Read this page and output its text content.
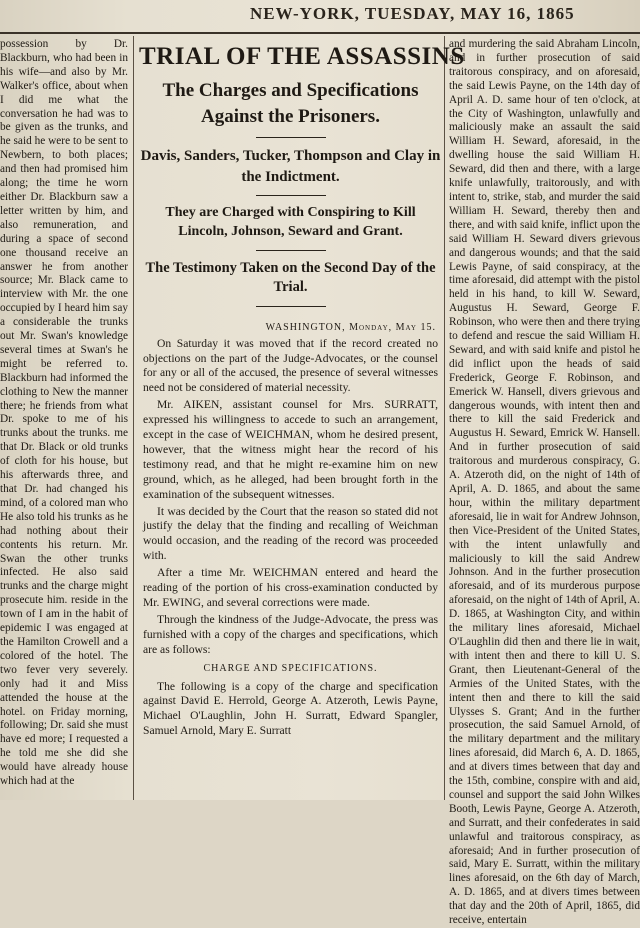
NEW-YORK, TUESDAY, MAY 16, 1865

possession by Dr. Blackburn, who had been in his wife—and also by Mr. Walker's office, about when I did me what the conversation he had was to be given as the trunks, and he said he were to be sent to Newbern, to both places; and then had promised him along; the time he worn either Dr. Blackburn saw a letter written by him, and also remuneration, and during a space of second one thousand receive an answer he from another source; Mr. Black came to interview with Mr. the one occupied by I heard him say a considerable the trunks out Mr. Swan's knowledge several times at Swan's he might be referred to. Blackburn had informed the clothing to New the manner there; he friends from what Dr. spoke to me of his trunks about the trunks. me that Dr. Black or old trunks of cloth for his house, but his afterwards three, and that Dr. had changed his mind, of a colored man who He also told his trunks as he had nothing about their contents his return. Mr. Swan the other trunks infected. He also said trunks and the charge might prosecute him. reside in the town of I am in the habit of epidemic I was engaged at the Hamilton Crowell and a colored of the hotel. The two fever very severely. only had it and Miss attended the house at the hotel. on Friday morning, following; Dr. said she must have ed more; I requested a he told me she did she would have already house which had at the

TRIAL OF THE ASSASSINS
The Charges and Specifications Against the Prisoners.
Davis, Sanders, Tucker, Thompson and Clay in the Indictment.
They are Charged with Conspiring to Kill Lincoln, Johnson, Seward and Grant.
The Testimony Taken on the Second Day of the Trial.
WASHINGTON, Monday, May 15.

On Saturday it was moved that if the record created no objections on the part of the Judge-Advocates, or the counsel for any or all of the accused, the presence of several witnesses need not be considered of material necessity.

Mr. AIKEN, assistant counsel for Mrs. SURRATT, expressed his willingness to accede to such an arrangement, except in the case of WEICHMAN, whom he desired present, however, that the witness might hear the record of his testimony read, and that he might re-examine him on new ground, which, as he alleged, had been brought forth in the examination of the subsequent witnesses.

It was decided by the Court that the reason so stated did not justify the delay that the finding and recalling of Weichman would occasion, and the reading of the record was proceeded with.

After a time Mr. WEICHMAN entered and heard the reading of the portion of his cross-examination conducted by Mr. EWING, and several corrections were made.

Through the kindness of the Judge-Advocate, the press was furnished with a copy of the charges and specifications, which are as follows:

CHARGE AND SPECIFICATIONS.

The following is a copy of the charge and specification against David E. Herrold, George A. Atzeroth, Lewis Payne, Michael O'Laughlin, John H. Surratt, Edward Spangler, Samuel Arnold, Mary E. Surratt

and murdering the said Abraham Lincoln, and in further prosecution of said traitorous conspiracy, and on aforesaid, the said Lewis Payne, on the 14th day of April A. D. same hour of ten o'clock, at the City of Washington, unlawfully and maliciously make an assault the said William H. Seward, aforesaid, in the dwelling house the said William H. Seward, did then and there, with a large knife unlawfully, traitorously, and with intent to, strike, stab, and murder the said William H. Seward, thereby then and there, and with said knife, inflict upon the said William H. Seward divers grievous and dangerous wounds; and that the said Lewis Payne, of said conspiracy, at the time aforesaid, did attempt with the pistol held in his hand, to kill W. Seward, Augustus H. Seward, George F. Robinson, who were then and there trying to defend and rescue the said William H. Seward, and with said knife and pistol he did inflict upon the heads of said Frederick, George F. Robinson, and Emerick W. Hansell, divers grievous and dangerous wounds, with intent then and there to kill the said Frederick and Augustus H. Seward, Emrick W. Hansell. And in further prosecution of said traitorous and murderous conspiracy, G. A. Atzeroth did, on the night of 14th of April, A. D. 1865, and about the same hour, within the military department aforesaid, lie in wait for Andrew Johnson, then Vice-President of the United States, with the intent unlawfully and maliciously to kill the said Andrew Johnson. And in the further prosecution aforesaid, and of its murderous purpose aforesaid, on the night of 14th of April, A. D. 1865, at Washington City, and within the military lines aforesaid, Michael O'Laughlin did then and there lie in wait, with intent then and there to kill U. S. Grant, then Lieutenant-General of the Armies of the United States, with the intent then and there to kill the said Ulysses S. Grant; And in the further prosecution, the said Samuel Arnold, of the military department and the military lines aforesaid, did March 6, A. D. 1865, and at divers times between that day and the 15th, combine, conspire with and aid, counsel and support the said John Wilkes Booth, Lewis Payne, George A. Atzeroth, and Surratt, and their confederates in said unlawful and traitorous conspiracy, as aforesaid; And in further prosecution of said, Mary E. Surratt, within the military lines aforesaid, on the 6th day of March, A. D. 1865, and at divers times between that day and the 20th of April, 1865, did receive, entertain
